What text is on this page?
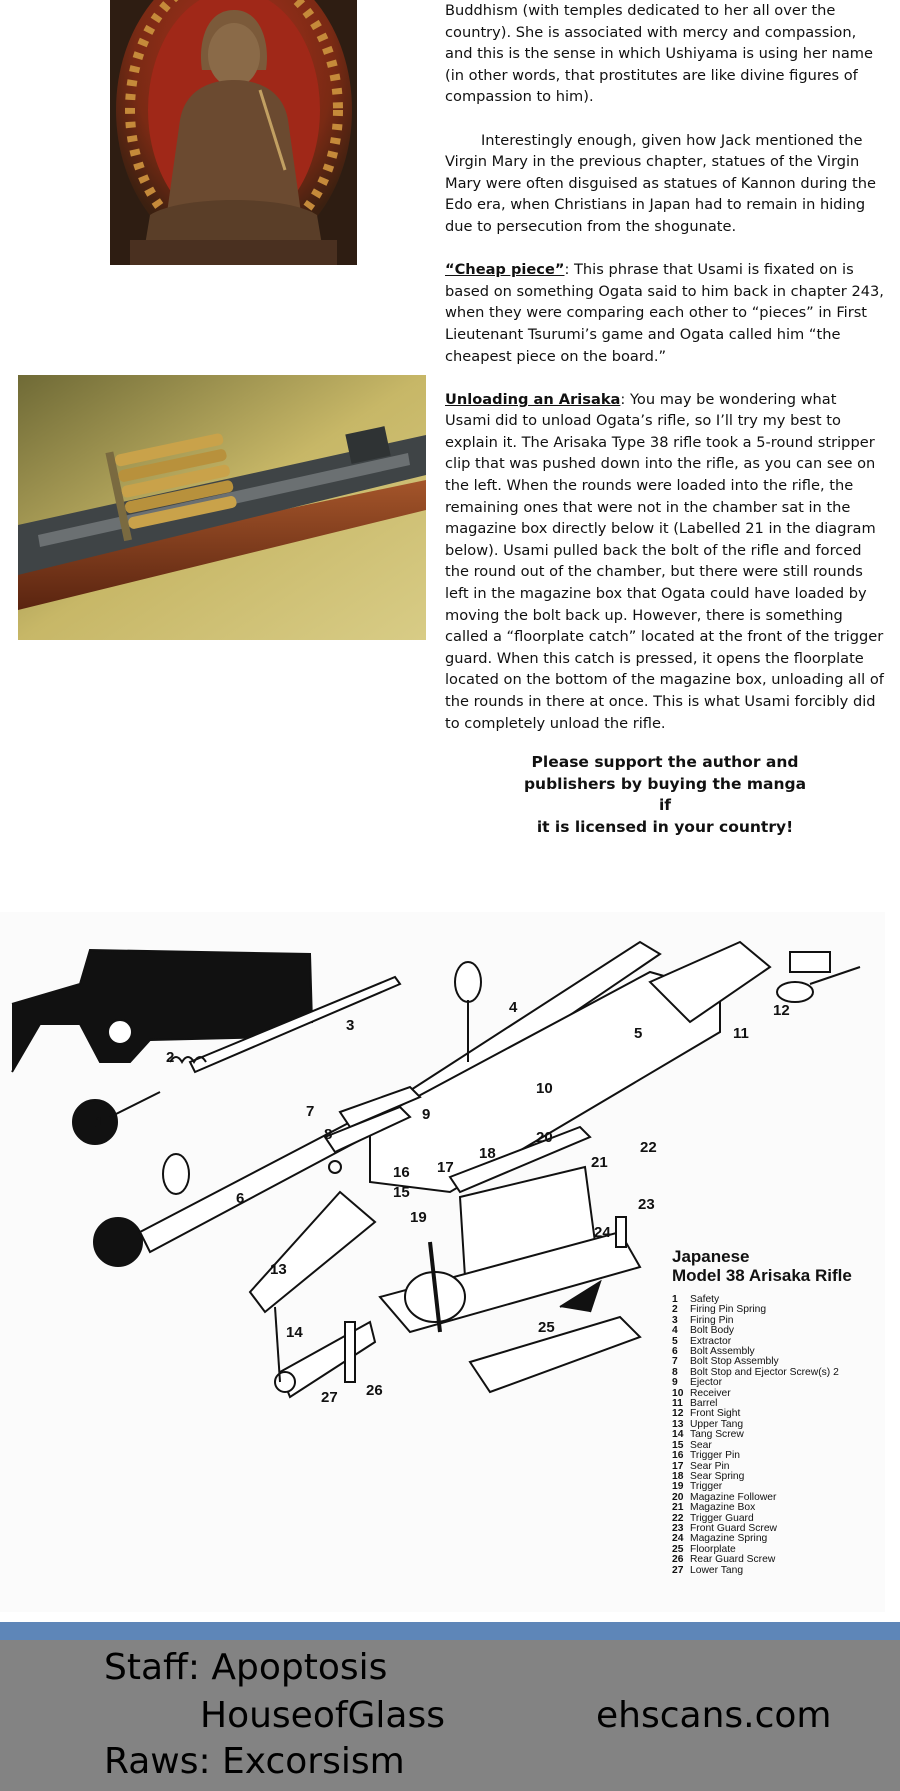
Buddhism (with temples dedicated to her all over the country). She is associated with mercy and compassion, and this is the sense in which Ushiyama is using her name (in other words, that prostitutes are like divine figures of compassion to him).

Interestingly enough, given how Jack mentioned the Virgin Mary in the previous chapter, statues of the Virgin Mary were often disguised as statues of Kannon during the Edo era, when Christians in Japan had to remain in hiding due to persecution from the shogunate.

“Cheap piece”: This phrase that Usami is fixated on is based on something Ogata said to him back in chapter 243, when they were comparing each other to “pieces” in First Lieutenant Tsurumi’s game and Ogata called him “the cheapest piece on the board.”

Unloading an Arisaka: You may be wondering what Usami did to unload Ogata’s rifle, so I’ll try my best to explain it. The Arisaka Type 38 rifle took a 5-round stripper clip that was pushed down into the rifle, as you can see on the left. When the rounds were loaded into the rifle, the remaining ones that were not in the chamber sat in the magazine box directly below it (Labelled 21 in the diagram below). Usami pulled back the bolt of the rifle and forced the round out of the chamber, but there were still rounds left in the magazine box that Ogata could have loaded by moving the bolt back up. However, there is something called a “floorplate catch” located at the front of the trigger guard. When this catch is pressed, it opens the floorplate located on the bottom of the magazine box, unloading all of the rounds in there at once. This is what Usami forcibly did to completely unload the rifle.

Please support the author and
publishers by buying the manga if
it is licensed in your country!
1
2
3
4
5
6
7
8
9
10
11
12
13
14
15
16 17
18
19
20
21
22
23
24
25
26
27
Japanese
Model 38 Arisaka Rifle
1 Safety
2 Firing Pin Spring
3 Firing Pin
4 Bolt Body
5 Extractor
6 Bolt Assembly
7 Bolt Stop Assembly
8 Bolt Stop and Ejector Screw(s) 2
9 Ejector
10 Receiver
11 Barrel
12 Front Sight
13 Upper Tang
14 Tang Screw
15 Sear
16 Trigger Pin
17 Sear Pin
18 Sear Spring
19 Trigger
20 Magazine Follower
21 Magazine Box
22 Trigger Guard
23 Front Guard Screw
24 Magazine Spring
25 Floorplate
26 Rear Guard Screw
27 Lower Tang
Staff: Apoptosis
HouseofGlass	ehscans.com
Raws: Excorsism
